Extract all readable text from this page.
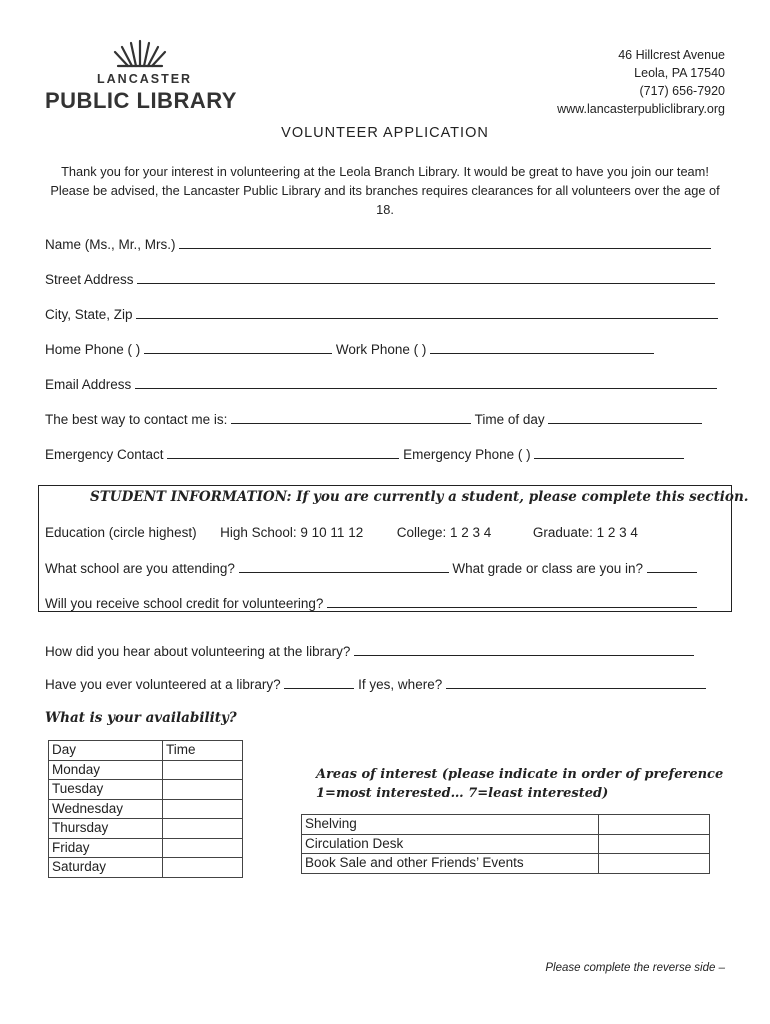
LANCASTER
PUBLIC LIBRARY
46 Hillcrest Avenue
Leola, PA 17540
(717) 656-7920
www.lancasterpubliclibrary.org
VOLUNTEER APPLICATION
Thank you for your interest in volunteering at the Leola Branch Library. It would be great to have you join our team! Please be advised, the Lancaster Public Library and its branches requires clearances for all volunteers over the age of 18.
Name (Ms., Mr., Mrs.)
Street Address
City, State, Zip
Home Phone ( )	Work Phone ( )
Email Address
The best way to contact me is:	Time of day
Emergency Contact	Emergency Phone ( )
STUDENT INFORMATION: If you are currently a student, please complete this section.
Education (circle highest) High School: 9 10 11 12 College: 1 2 3 4	Graduate: 1 2 3 4
What school are you attending?	What grade or class are you in?
Will you receive school credit for volunteering?
How did you hear about volunteering at the library?
Have you ever volunteered at a library?	If yes, where?
What is your availability?
Day	Time
Monday	
Tuesday	
Wednesday	
Thursday	
Friday	
Saturday	
Areas of interest (please indicate in order of preference
1=most interested… 7=least interested)
Shelving	
Circulation Desk	
Book Sale and other Friends’ Events	
Please complete the reverse side –
